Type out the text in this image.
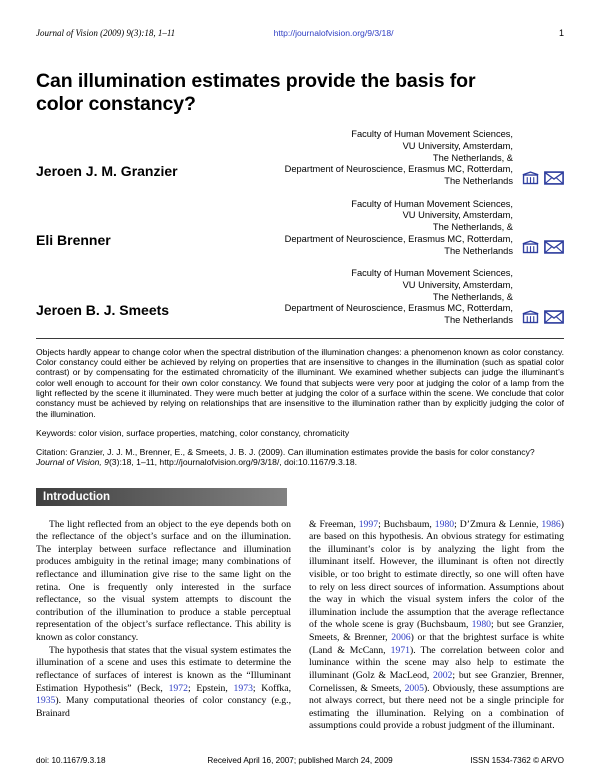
Journal of Vision (2009) 9(3):18, 1–11	http://journalofvision.org/9/3/18/	1
Can illumination estimates provide the basis for color constancy?
Jeroen J. M. Granzier
Faculty of Human Movement Sciences,
VU University, Amsterdam,
The Netherlands, &
Department of Neuroscience, Erasmus MC, Rotterdam,
The Netherlands
Eli Brenner
Faculty of Human Movement Sciences,
VU University, Amsterdam,
The Netherlands, &
Department of Neuroscience, Erasmus MC, Rotterdam,
The Netherlands
Jeroen B. J. Smeets
Faculty of Human Movement Sciences,
VU University, Amsterdam,
The Netherlands, &
Department of Neuroscience, Erasmus MC, Rotterdam,
The Netherlands

Objects hardly appear to change color when the spectral distribution of the illumination changes: a phenomenon known as color constancy. Color constancy could either be achieved by relying on properties that are insensitive to changes in the illumination (such as spatial color contrast) or by compensating for the estimated chromaticity of the illuminant. We examined whether subjects can judge the illuminant’s color well enough to account for their own color constancy. We found that subjects were very poor at judging the color of a lamp from the light reflected by the scene it illuminated. They were much better at judging the color of a surface within the scene. We conclude that color constancy must be achieved by relying on relationships that are insensitive to the illumination rather than by explicitly judging the color of the illumination.

Keywords: color vision, surface properties, matching, color constancy, chromaticity

Citation: Granzier, J. J. M., Brenner, E., & Smeets, J. B. J. (2009). Can illumination estimates provide the basis for color constancy? Journal of Vision, 9(3):18, 1–11, http://journalofvision.org/9/3/18/, doi:10.1167/9.3.18.

Introduction

The light reflected from an object to the eye depends both on the reflectance of the object’s surface and on the illumination. The interplay between surface reflectance and illumination produces ambiguity in the retinal image; many combinations of reflectance and illumination give rise to the same light on the retina. One is frequently only interested in the surface reflectance, so the visual system attempts to discount the contribution of the illumination to produce a stable perceptual representation of the object’s surface reflectance. This ability is known as color constancy.

The hypothesis that states that the visual system estimates the illumination of a scene and uses this estimate to determine the reflectance of surfaces of interest is known as the “Illuminant Estimation Hypothesis” (Beck, 1972; Epstein, 1973; Koffka, 1935). Many computational theories of color constancy (e.g., Brainard

& Freeman, 1997; Buchsbaum, 1980; D’Zmura & Lennie, 1986) are based on this hypothesis. An obvious strategy for estimating the illuminant’s color is by analyzing the light from the illuminant itself. However, the illuminant is often not directly visible, or too bright to estimate directly, so one will often have to rely on less direct sources of information. Assumptions about the way in which the visual system infers the color of the illumination include the assumption that the average reflectance of the whole scene is gray (Buchsbaum, 1980; but see Granzier, Smeets, & Brenner, 2006) or that the brightest surface is white (Land & McCann, 1971). The correlation between color and luminance within the scene may also help to estimate the illuminant (Golz & MacLeod, 2002; but see Granzier, Brenner, Cornelissen, & Smeets, 2005). Obviously, these assumptions are not always correct, but there need not be a single principle for estimating the illumination. Relying on a combination of assumptions could provide a robust judgment of the illuminant.

doi: 10.1167/9.3.18	Received April 16, 2007; published March 24, 2009	ISSN 1534-7362 © ARVO
